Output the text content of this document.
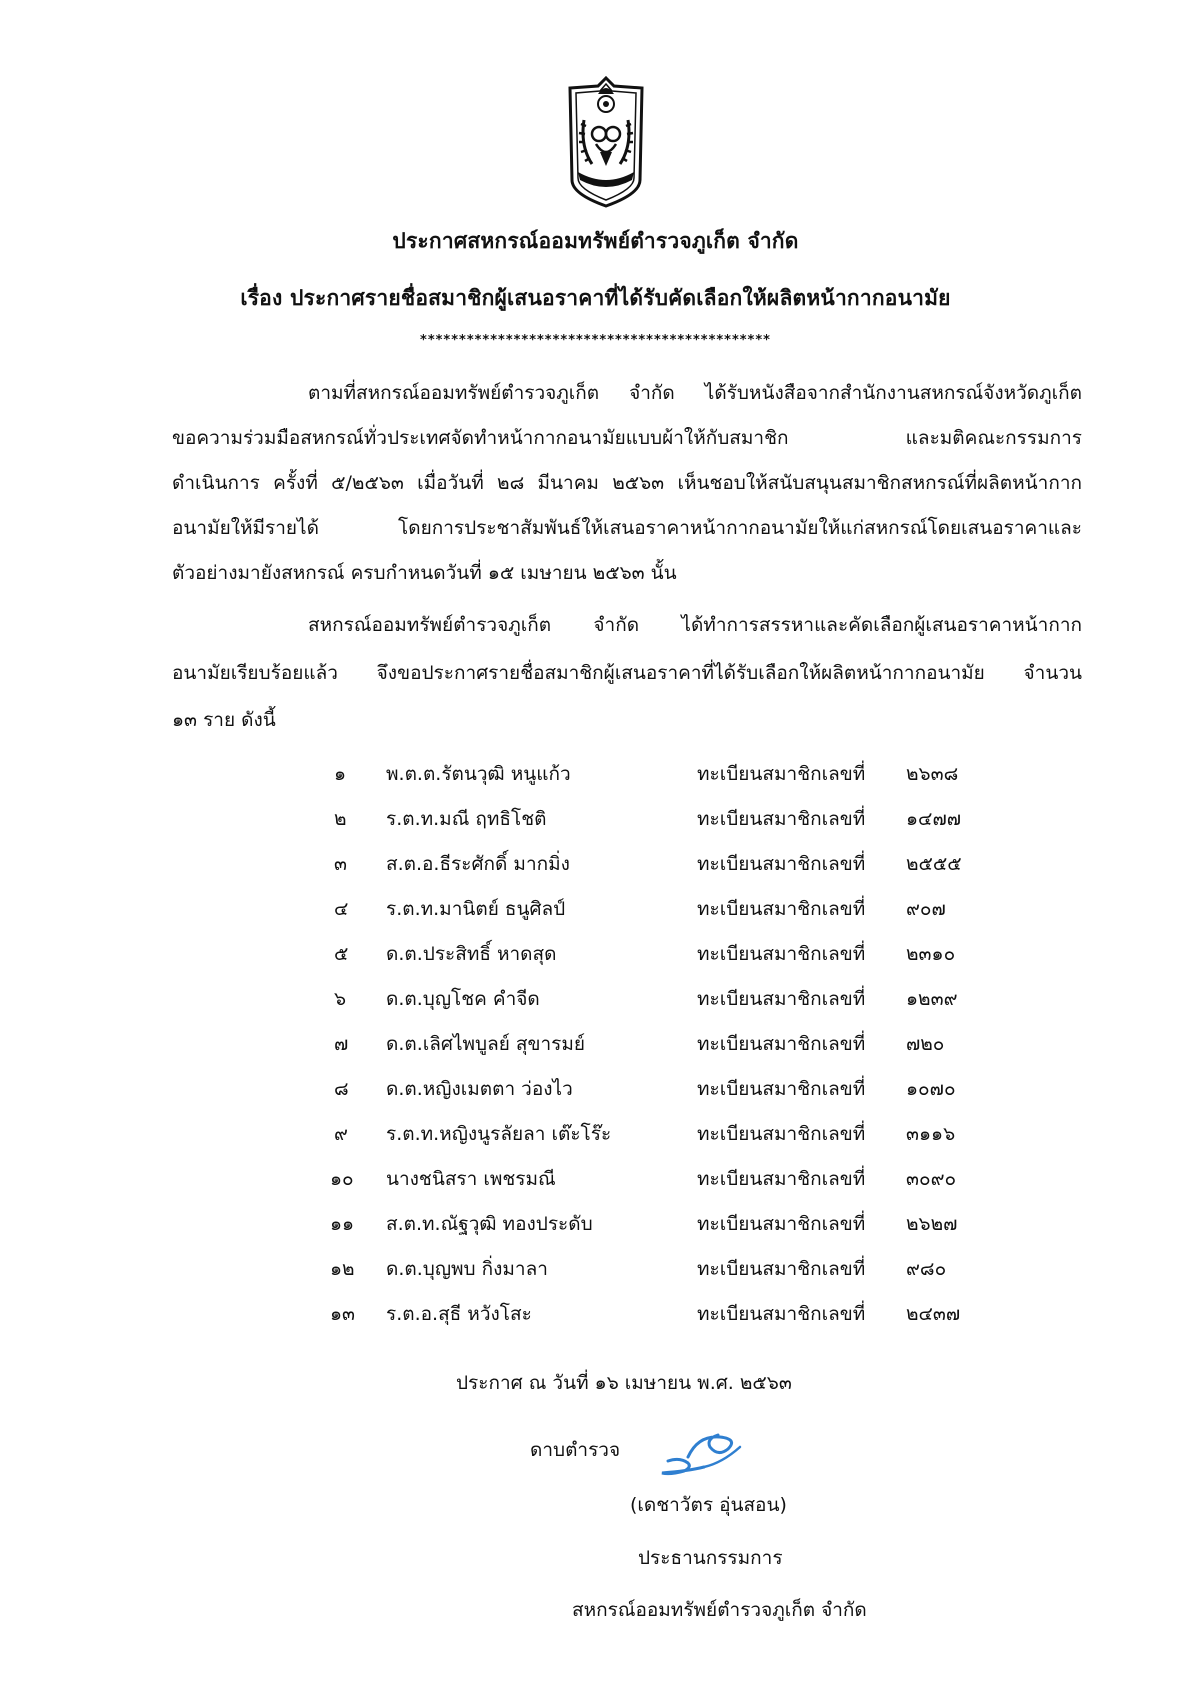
ประกาศสหกรณ์ออมทรัพย์ตำรวจภูเก็ต จำกัด
เรื่อง ประกาศรายชื่อสมาชิกผู้เสนอราคาที่ได้รับคัดเลือกให้ผลิตหน้ากากอนามัย
*********************************************
ตามที่สหกรณ์ออมทรัพย์ตำรวจภูเก็ต จำกัด ได้รับหนังสือจากสำนักงานสหกรณ์จังหวัดภูเก็ต
ขอความร่วมมือสหกรณ์ทั่วประเทศจัดทำหน้ากากอนามัยแบบผ้าให้กับสมาชิก และมติคณะกรรมการ
ดำเนินการ ครั้งที่ ๕/๒๕๖๓ เมื่อวันที่ ๒๘ มีนาคม ๒๕๖๓ เห็นชอบให้สนับสนุนสมาชิกสหกรณ์ที่ผลิตหน้ากาก
อนามัยให้มีรายได้ โดยการประชาสัมพันธ์ให้เสนอราคาหน้ากากอนามัยให้แก่สหกรณ์โดยเสนอราคาและ
ตัวอย่างมายังสหกรณ์ ครบกำหนดวันที่ ๑๕ เมษายน ๒๕๖๓ นั้น
สหกรณ์ออมทรัพย์ตำรวจภูเก็ต จำกัด ได้ทำการสรรหาและคัดเลือกผู้เสนอราคาหน้ากาก
อนามัยเรียบร้อยแล้ว จึงขอประกาศรายชื่อสมาชิกผู้เสนอราคาที่ได้รับเลือกให้ผลิตหน้ากากอนามัย จำนวน
๑๓ ราย ดังนี้
๑ พ.ต.ต.รัตนวุฒิ หนูแก้ว	ทะเบียนสมาชิกเลขที่ ๒๖๓๘
๒ ร.ต.ท.มณี ฤทธิโชติ	ทะเบียนสมาชิกเลขที่ ๑๔๗๗
๓ ส.ต.อ.ธีระศักดิ์ มากมิ่ง	ทะเบียนสมาชิกเลขที่ ๒๕๕๕
๔ ร.ต.ท.มานิตย์ ธนูศิลป์	ทะเบียนสมาชิกเลขที่ ๙๐๗
๕ ด.ต.ประสิทธิ์ หาดสุด	ทะเบียนสมาชิกเลขที่ ๒๓๑๐
๖ ด.ต.บุญโชค คำจีด	ทะเบียนสมาชิกเลขที่ ๑๒๓๙
๗ ด.ต.เลิศไพบูลย์ สุขารมย์	ทะเบียนสมาชิกเลขที่ ๗๒๐
๘ ด.ต.หญิงเมตตา ว่องไว	ทะเบียนสมาชิกเลขที่ ๑๐๗๐
๙ ร.ต.ท.หญิงนูรลัยลา เต๊ะโร๊ะ	ทะเบียนสมาชิกเลขที่ ๓๑๑๖
๑๐ นางชนิสรา เพชรมณี	ทะเบียนสมาชิกเลขที่ ๓๐๙๐
๑๑ ส.ต.ท.ณัฐวุฒิ ทองประดับ	ทะเบียนสมาชิกเลขที่ ๒๖๒๗
๑๒ ด.ต.บุญพบ กิ่งมาลา	ทะเบียนสมาชิกเลขที่ ๙๘๐
๑๓ ร.ต.อ.สุธี หวังโสะ	ทะเบียนสมาชิกเลขที่ ๒๔๓๗
ประกาศ ณ วันที่ ๑๖ เมษายน พ.ศ. ๒๕๖๓
ดาบตำรวจ
(เดชาวัตร อุ่นสอน)
ประธานกรรมการ
สหกรณ์ออมทรัพย์ตำรวจภูเก็ต จำกัด
